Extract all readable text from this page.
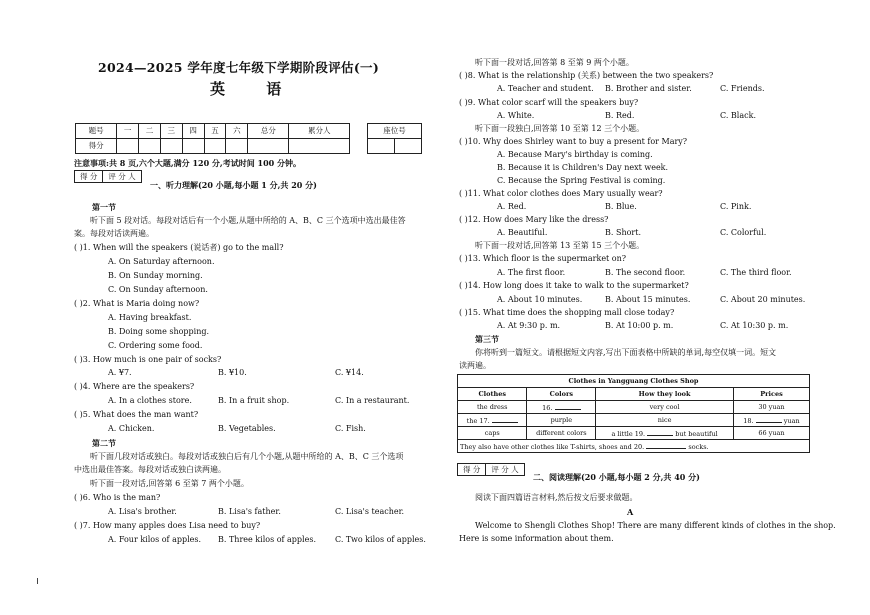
2024—2025 学年度七年级下学期阶段评估(一)
英 语
题号	一	二	三	四	五	六	总分	累分人
得分								
座位号

注意事项:共 8 页,六个大题,满分 120 分,考试时间 100 分钟。
得 分	评 分 人
一、听力理解(20 小题,每小题 1 分,共 20 分)
第一节
听下面 5 段对话。每段对话后有一个小题,从题中所给的 A、B、C 三个选项中选出最佳答
案。每段对话读两遍。
( )1. When will the speakers (说话者) go to the mall?
A. On Saturday afternoon.
B. On Sunday morning.
C. On Sunday afternoon.
( )2. What is Maria doing now?
A. Having breakfast.
B. Doing some shopping.
C. Ordering some food.
( )3. How much is one pair of socks?
A. ¥7.	B. ¥10.	C. ¥14.
( )4. Where are the speakers?
A. In a clothes store.	B. In a fruit shop.	C. In a restaurant.
( )5. What does the man want?
A. Chicken.	B. Vegetables.	C. Fish.
第二节
听下面几段对话或独白。每段对话或独白后有几个小题,从题中所给的 A、B、C 三个选项
中选出最佳答案。每段对话或独白读两遍。
听下面一段对话,回答第 6 至第 7 两个小题。
( )6. Who is the man?
A. Lisa's brother.	B. Lisa's father.	C. Lisa's teacher.
( )7. How many apples does Lisa need to buy?
A. Four kilos of apples. B. Three kilos of apples. C. Two kilos of apples.
听下面一段对话,回答第 8 至第 9 两个小题。
( )8. What is the relationship (关系) between the two speakers?
A. Teacher and student. B. Brother and sister.	C. Friends.
( )9. What color scarf will the speakers buy?
A. White.	B. Red.	C. Black.
听下面一段独白,回答第 10 至第 12 三个小题。
( )10. Why does Shirley want to buy a present for Mary?
A. Because Mary's birthday is coming.
B. Because it is Children's Day next week.
C. Because the Spring Festival is coming.
( )11. What color clothes does Mary usually wear?
A. Red.	B. Blue.	C. Pink.
( )12. How does Mary like the dress?
A. Beautiful.	B. Short.	C. Colorful.
听下面一段对话,回答第 13 至第 15 三个小题。
( )13. Which floor is the supermarket on?
A. The first floor.	B. The second floor.	C. The third floor.
( )14. How long does it take to walk to the supermarket?
A. About 10 minutes.	B. About 15 minutes.	C. About 20 minutes.
( )15. What time does the shopping mall close today?
A. At 9:30 p. m.	B. At 10:00 p. m.	C. At 10:30 p. m.
第三节
你将听到一篇短文。请根据短文内容,写出下面表格中所缺的单词,每空仅填一词。短文
读两遍。
Clothes in Yangguang Clothes Shop			
Clothes	Colors	How they look	Prices
the dress	16.	very cool	30 yuan
the 17.	purple	nice	18. yuan
caps	different colors	a little 19. but beautiful	66 yuan
They also have other clothes like T-shirts, shoes and 20. socks.			
得 分	评 分 人
二、阅读理解(20 小题,每小题 2 分,共 40 分)
阅读下面四篇语言材料,然后按文后要求做题。
A
Welcome to Shengli Clothes Shop! There are many different kinds of clothes in the shop.
Here is some information about them.
